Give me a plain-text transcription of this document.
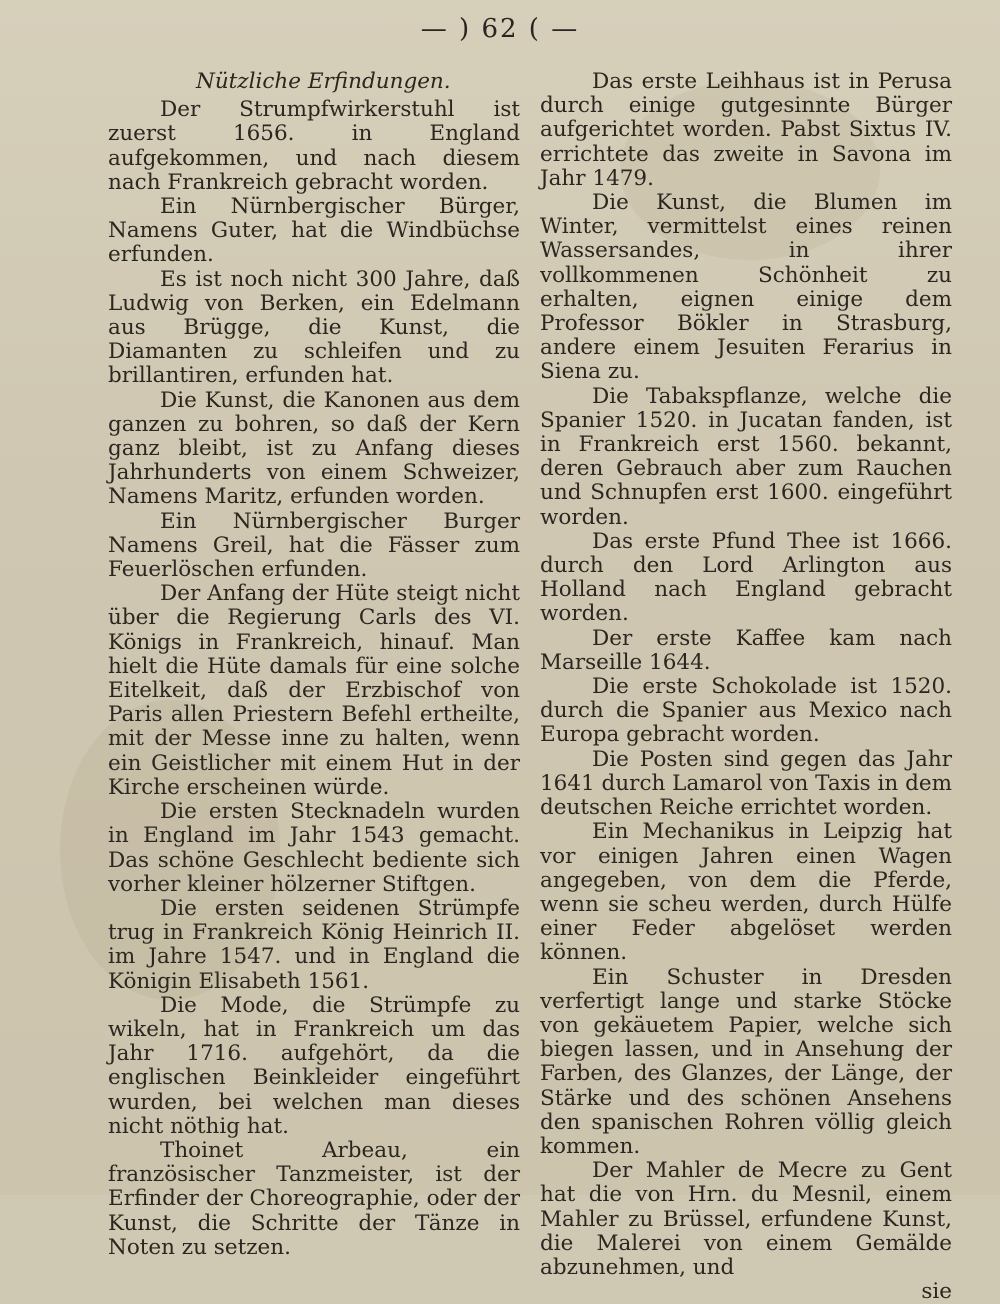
— ) 62 ( —
Nützliche Erfindungen.

Der Strumpfwirkerstuhl ist zuerst 1656. in England aufgekommen, und nach diesem nach Frankreich gebracht worden.

Ein Nürnbergischer Bürger, Namens Guter, hat die Windbüchse erfunden.

Es ist noch nicht 300 Jahre, daß Ludwig von Berken, ein Edelmann aus Brügge, die Kunst, die Diamanten zu schleifen und zu brillantiren, erfunden hat.

Die Kunst, die Kanonen aus dem ganzen zu bohren, so daß der Kern ganz bleibt, ist zu Anfang dieses Jahrhunderts von einem Schweizer, Namens Maritz, erfunden worden.

Ein Nürnbergischer Burger Namens Greil, hat die Fässer zum Feuerlöschen erfunden.

Der Anfang der Hüte steigt nicht über die Regierung Carls des VI. Königs in Frankreich, hinauf. Man hielt die Hüte damals für eine solche Eitelkeit, daß der Erzbischof von Paris allen Priestern Befehl ertheilte, mit der Messe inne zu halten, wenn ein Geistlicher mit einem Hut in der Kirche erscheinen würde.

Die ersten Stecknadeln wurden in England im Jahr 1543 gemacht. Das schöne Geschlecht bediente sich vorher kleiner hölzerner Stiftgen.

Die ersten seidenen Strümpfe trug in Frankreich König Heinrich II. im Jahre 1547. und in England die Königin Elisabeth 1561.

Die Mode, die Strümpfe zu wikeln, hat in Frankreich um das Jahr 1716. aufgehört, da die englischen Beinkleider eingeführt wurden, bei welchen man dieses nicht nöthig hat.

Thoinet Arbeau, ein französischer Tanzmeister, ist der Erfinder der Choreographie, oder der Kunst, die Schritte der Tänze in Noten zu setzen.

Das erste Leihhaus ist in Perusa durch einige gutgesinnte Bürger aufgerichtet worden. Pabst Sixtus IV. errichtete das zweite in Savona im Jahr 1479.

Die Kunst, die Blumen im Winter, vermittelst eines reinen Wassersandes, in ihrer vollkommenen Schönheit zu erhalten, eignen einige dem Professor Bökler in Strasburg, andere einem Jesuiten Ferarius in Siena zu.

Die Tabakspflanze, welche die Spanier 1520. in Jucatan fanden, ist in Frankreich erst 1560. bekannt, deren Gebrauch aber zum Rauchen und Schnupfen erst 1600. eingeführt worden.

Das erste Pfund Thee ist 1666. durch den Lord Arlington aus Holland nach England gebracht worden.

Der erste Kaffee kam nach Marseille 1644.

Die erste Schokolade ist 1520. durch die Spanier aus Mexico nach Europa gebracht worden.

Die Posten sind gegen das Jahr 1641 durch Lamarol von Taxis in dem deutschen Reiche errichtet worden.

Ein Mechanikus in Leipzig hat vor einigen Jahren einen Wagen angegeben, von dem die Pferde, wenn sie scheu werden, durch Hülfe einer Feder abgelöset werden können.

Ein Schuster in Dresden verfertigt lange und starke Stöcke von gekäuetem Papier, welche sich biegen lassen, und in Ansehung der Farben, des Glanzes, der Länge, der Stärke und des schönen Ansehens den spanischen Rohren völlig gleich kommen.

Der Mahler de Mecre zu Gent hat die von Hrn. du Mesnil, einem Mahler zu Brüssel, erfundene Kunst, die Malerei von einem Gemälde abzunehmen, und

sie
